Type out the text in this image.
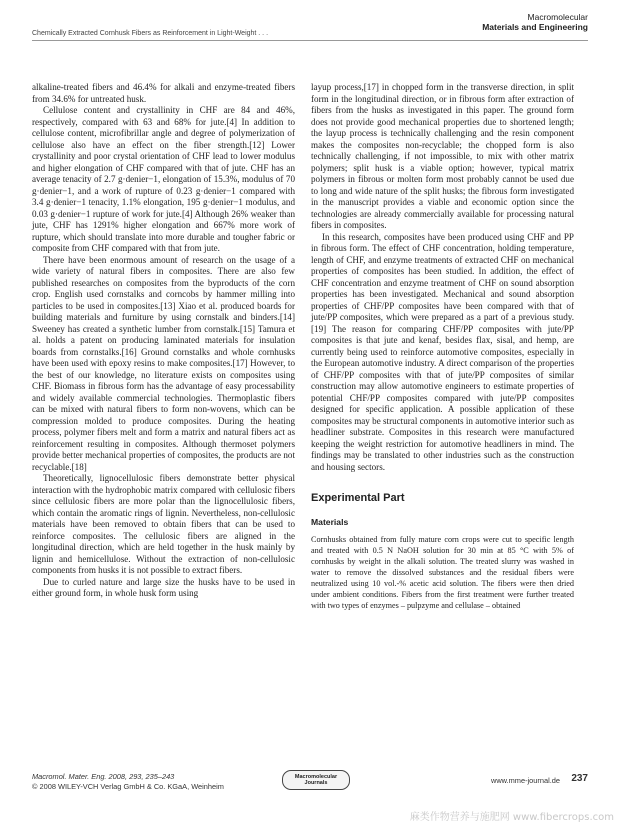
Chemically Extracted Cornhusk Fibers as Reinforcement in Light-Weight . . .
Macromolecular
Materials and Engineering

alkaline-treated fibers and 46.4% for alkali and enzyme-treated fibers from 34.6% for untreated husk.

Cellulose content and crystallinity in CHF are 84 and 46%, respectively, compared with 63 and 68% for jute.[4] In addition to cellulose content, microfibrillar angle and degree of polymerization of cellulose also have an effect on the fiber strength.[12] Lower crystallinity and poor crystal orientation of CHF lead to lower modulus and higher elongation of CHF compared with that of jute. CHF has an average tenacity of 2.7 g·denier−1, elongation of 15.3%, modulus of 70 g·denier−1, and a work of rupture of 0.23 g·denier−1 compared with 3.4 g·denier−1 tenacity, 1.1% elongation, 195 g·denier−1 modulus, and 0.03 g·denier−1 rupture of work for jute.[4] Although 26% weaker than jute, CHF has 1291% higher elongation and 667% more work of rupture, which should translate into more durable and tougher fabric or composite from CHF compared with that from jute.

There have been enormous amount of research on the usage of a wide variety of natural fibers in composites. There are also few published researches on composites from the byproducts of the corn crop. English used cornstalks and corncobs by hammer milling into particles to be used in composites.[13] Xiao et al. produced boards for building materials and furniture by using cornstalk and binders.[14] Sweeney has created a synthetic lumber from cornstalk.[15] Tamura et al. holds a patent on producing laminated materials for insulation boards from cornstalks.[16] Ground cornstalks and whole cornhusks have been used with epoxy resins to make composites.[17] However, to the best of our knowledge, no literature exists on composites using CHF. Biomass in fibrous form has the advantage of easy processability and widely available commercial technologies. Thermoplastic fibers can be mixed with natural fibers to form non-wovens, which can be compression molded to produce composites. During the heating process, polymer fibers melt and form a matrix and natural fibers act as reinforcement resulting in composites. Although thermoset polymers provide better mechanical properties of composites, the products are not recyclable.[18]

Theoretically, lignocellulosic fibers demonstrate better physical interaction with the hydrophobic matrix compared with cellulosic fibers since cellulosic fibers are more polar than the lignocellulosic fibers, which contain the aromatic rings of lignin. Nevertheless, non-cellulosic materials have been removed to obtain fibers that can be used to reinforce composites. The cellulosic fibers are aligned in the longitudinal direction, which are held together in the husk mainly by lignin and hemicellulose. Without the extraction of non-cellulosic components from husks it is not possible to extract fibers.

Due to curled nature and large size the husks have to be used in either ground form, in whole husk form using

layup process,[17] in chopped form in the transverse direction, in split form in the longitudinal direction, or in fibrous form after extraction of fibers from the husks as investigated in this paper. The ground form does not provide good mechanical properties due to shortened length; the layup process is technically challenging and the resin component makes the composites non-recyclable; the chopped form is also technically challenging, if not impossible, to mix with other matrix polymers; split husk is a viable option; however, typical matrix polymers in fibrous or molten form most probably cannot be used due to long and wide nature of the split husks; the fibrous form investigated in the manuscript provides a viable and economic option since the technologies are already commercially available for processing natural fibers in composites.

In this research, composites have been produced using CHF and PP in fibrous form. The effect of CHF concentration, holding temperature, length of CHF, and enzyme treatments of extracted CHF on mechanical properties of composites has been studied. In addition, the effect of CHF concentration and enzyme treatment of CHF on sound absorption properties has been investigated. Mechanical and sound absorption properties of CHF/PP composites have been compared with that of jute/PP composites, which were prepared as a part of a previous study.[19] The reason for comparing CHF/PP composites with jute/PP composites is that jute and kenaf, besides flax, sisal, and hemp, are currently being used to reinforce automotive composites, especially in the European automotive industry. A direct comparison of the properties of CHF/PP composites with that of jute/PP composites of similar construction may allow automotive engineers to estimate properties of potential CHF/PP composites compared with jute/PP composites designed for specific application. A possible application of these composites may be structural components in automotive interior such as headliner substrate. Composites in this research were manufactured keeping the weight restriction for automotive headliners in mind. The findings may be translated to other industries such as the construction and housing sectors.

Experimental Part
Materials

Cornhusks obtained from fully mature corn crops were cut to specific length and treated with 0.5 N NaOH solution for 30 min at 85 °C with 5% of cornhusks by weight in the alkali solution. The treated slurry was washed in water to remove the dissolved substances and the residual fibers were neutralized using 10 vol.-% acetic acid solution. The fibers were then dried under ambient conditions. Fibers from the first treatment were further treated with two types of enzymes – pulpzyme and cellulase – obtained

Macromol. Mater. Eng. 2008, 293, 235–243
© 2008 WILEY-VCH Verlag GmbH & Co. KGaA, Weinheim
Macromolecular
Journals	www.mme-journal.de 237
麻类作物营养与施肥网 www.fibercrops.com
